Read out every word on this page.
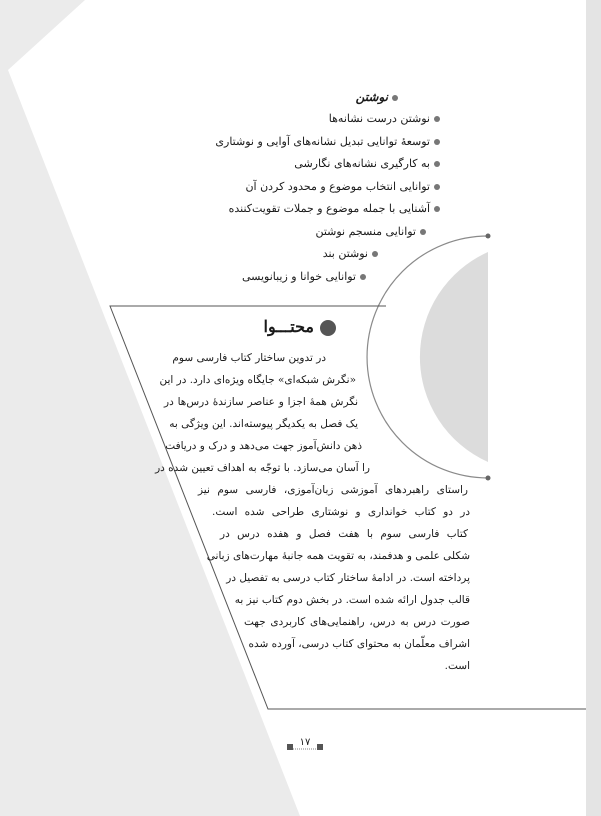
نوشتن
نوشتن درست نشانه‌ها
توسعهٔ توانایی تبدیل نشانه‌های آوایی و نوشتاری
به کارگیری نشانه‌های نگارشی
توانایی انتخاب موضوع و محدود کردن آن
آشنایی با جمله موضوع و جملات تقویت‌کننده
توانایی منسجم نوشتن
نوشتن بند
توانایی خوانا و زیبانویسی
محتـــوا
در تدوین ساختار کتاب فارسی سوم
«نگرش شبکه‌ای» جایگاه ویژه‌ای دارد. در این
نگرش همهٔ اجزا و عناصر سازندهٔ درس‌ها در
یک فصل به یکدیگر پیوسته‌اند. این ویژگی به
ذهن دانش‌آموز جهت می‌دهد و درک و دریافت
را آسان می‌سازد. با توجّه به اهداف تعیین شده در
راستای راهبردهای آموزشی زبان‌آموزی، فارسی سوم نیز
در دو کتاب خوانداری و نوشتاری طراحی شده است.
کتاب فارسی سوم با هفت فصل و هفده درس در
شکلی علمی و هدفمند، به تقویت همه جانبهٔ مهارت‌های زبانی
پرداخته است. در ادامهٔ ساختار کتاب درسی به تفصیل در
قالب جدول ارائه شده است. در بخش دوم کتاب نیز به
صورت درس به درس، راهنمایی‌های کاربردی جهت
اشراف معلّمان به محتوای کتاب درسی، آورده شده
است.
۱۷
